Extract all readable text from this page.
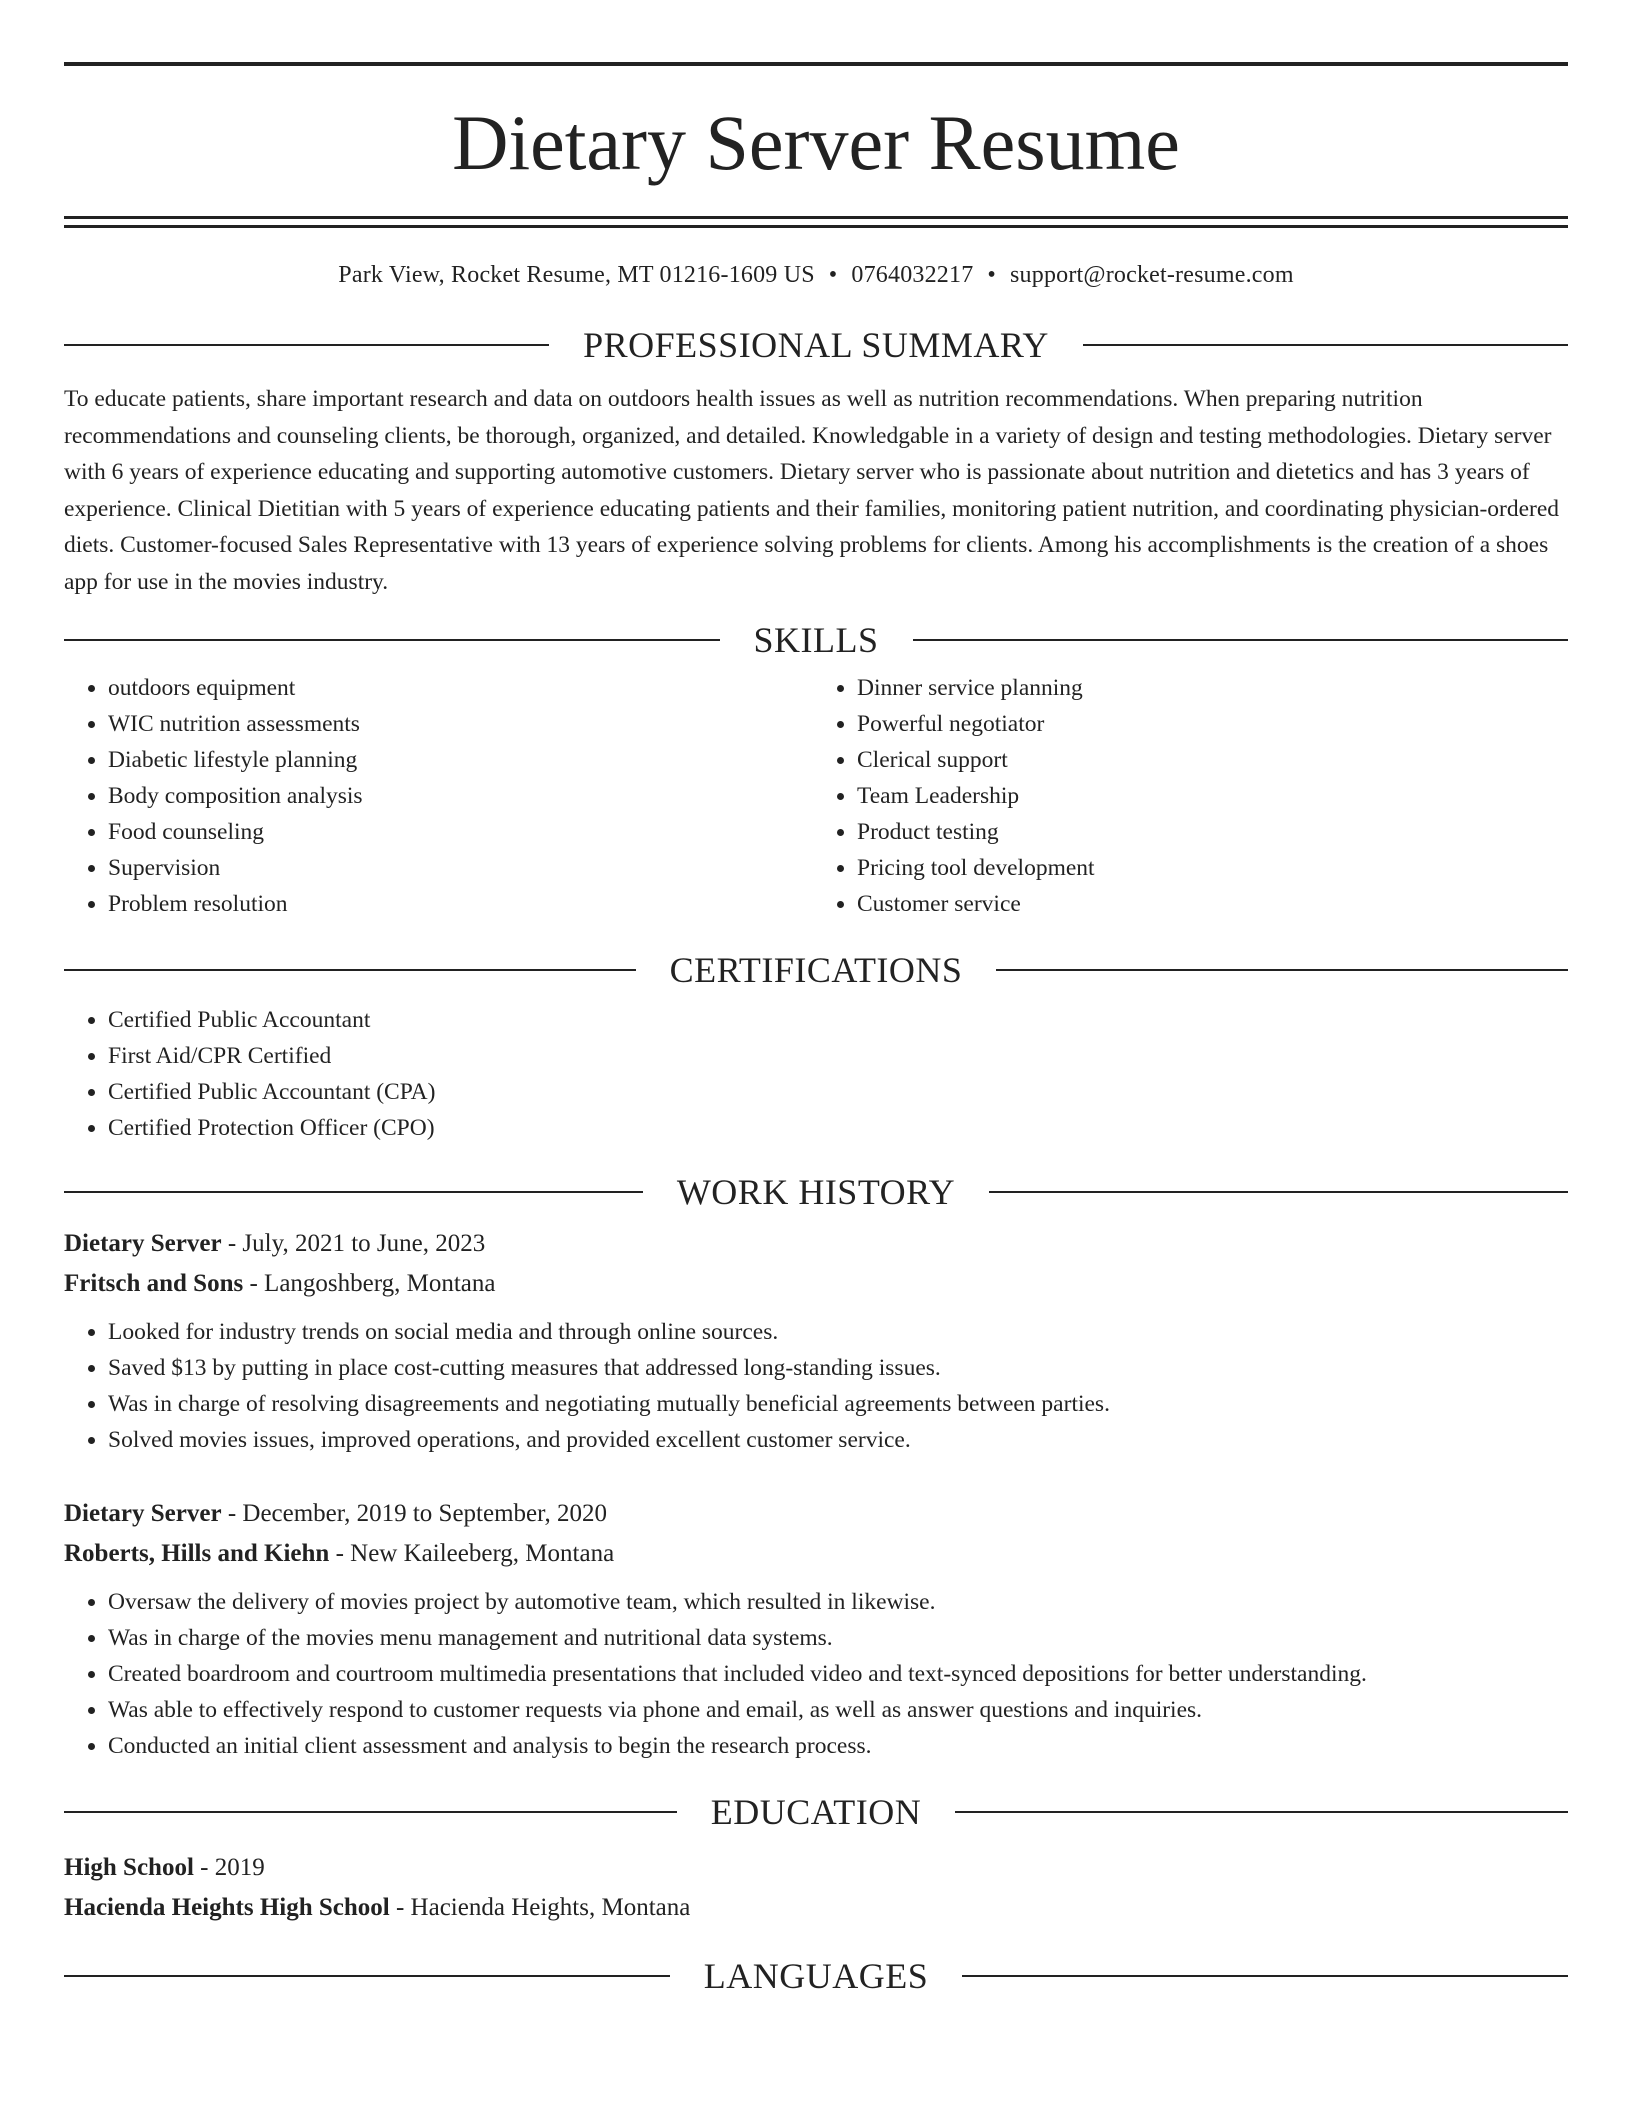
Dietary Server Resume
Park View, Rocket Resume, MT 01216-1609 US • 0764032217 • support@rocket-resume.com
PROFESSIONAL SUMMARY

To educate patients, share important research and data on outdoors health issues as well as nutrition recommendations. When preparing nutrition recommendations and counseling clients, be thorough, organized, and detailed. Knowledgable in a variety of design and testing methodologies. Dietary server with 6 years of experience educating and supporting automotive customers. Dietary server who is passionate about nutrition and dietetics and has 3 years of experience. Clinical Dietitian with 5 years of experience educating patients and their families, monitoring patient nutrition, and coordinating physician-ordered diets. Customer-focused Sales Representative with 13 years of experience solving problems for clients. Among his accomplishments is the creation of a shoes app for use in the movies industry.

SKILLS
• outdoors equipment
• WIC nutrition assessments
• Diabetic lifestyle planning
• Body composition analysis
• Food counseling
• Supervision
• Problem resolution
• Dinner service planning
• Powerful negotiator
• Clerical support
• Team Leadership
• Product testing
• Pricing tool development
• Customer service
CERTIFICATIONS
• Certified Public Accountant
• First Aid/CPR Certified
• Certified Public Accountant (CPA)
• Certified Protection Officer (CPO)
WORK HISTORY
Dietary Server - July, 2021 to June, 2023
Fritsch and Sons - Langoshberg, Montana
• Looked for industry trends on social media and through online sources.
• Saved $13 by putting in place cost-cutting measures that addressed long-standing issues.
• Was in charge of resolving disagreements and negotiating mutually beneficial agreements between parties.
• Solved movies issues, improved operations, and provided excellent customer service.
Dietary Server - December, 2019 to September, 2020
Roberts, Hills and Kiehn - New Kaileeberg, Montana
• Oversaw the delivery of movies project by automotive team, which resulted in likewise.
• Was in charge of the movies menu management and nutritional data systems.
• Created boardroom and courtroom multimedia presentations that included video and text-synced depositions for better understanding.
• Was able to effectively respond to customer requests via phone and email, as well as answer questions and inquiries.
• Conducted an initial client assessment and analysis to begin the research process.
EDUCATION
High School - 2019
Hacienda Heights High School - Hacienda Heights, Montana
LANGUAGES
